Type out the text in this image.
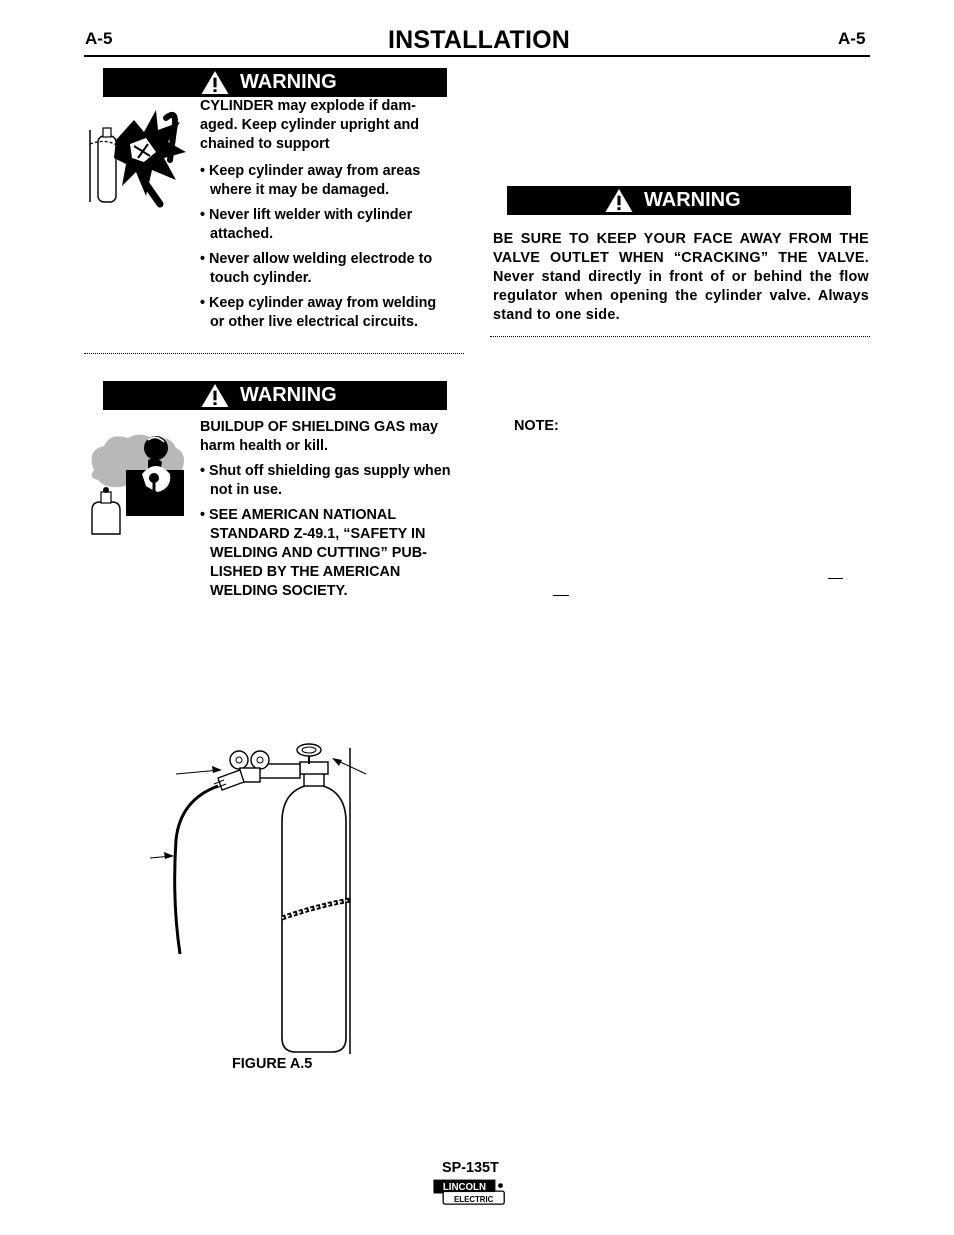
A-5	INSTALLATION	A-5
WARNING

CYLINDER may explode if dam- aged. Keep cylinder upright and chained to support

• Keep cylinder away from areas where it may be damaged.

• Never lift welder with cylinder attached.

• Never allow welding electrode to touch cylinder.

• Keep cylinder away from welding or other live electrical circuits.

WARNING

BUILDUP OF SHIELDING GAS may harm health or kill.

• Shut off shielding gas supply when not in use.

• SEE AMERICAN NATIONAL STANDARD Z-49.1, “SAFETY IN WELDING AND CUTTING” PUB- LISHED BY THE AMERICAN WELDING SOCIETY.

WARNING
BE SURE TO KEEP YOUR FACE AWAY FROM THE VALVE OUTLET WHEN “CRACKING” THE VALVE. Never stand directly in front of or behind the flow regulator when opening the cylinder valve. Always stand to one side.
NOTE:
FIGURE A.5
SP-135T
LINCOLN
ELECTRIC
